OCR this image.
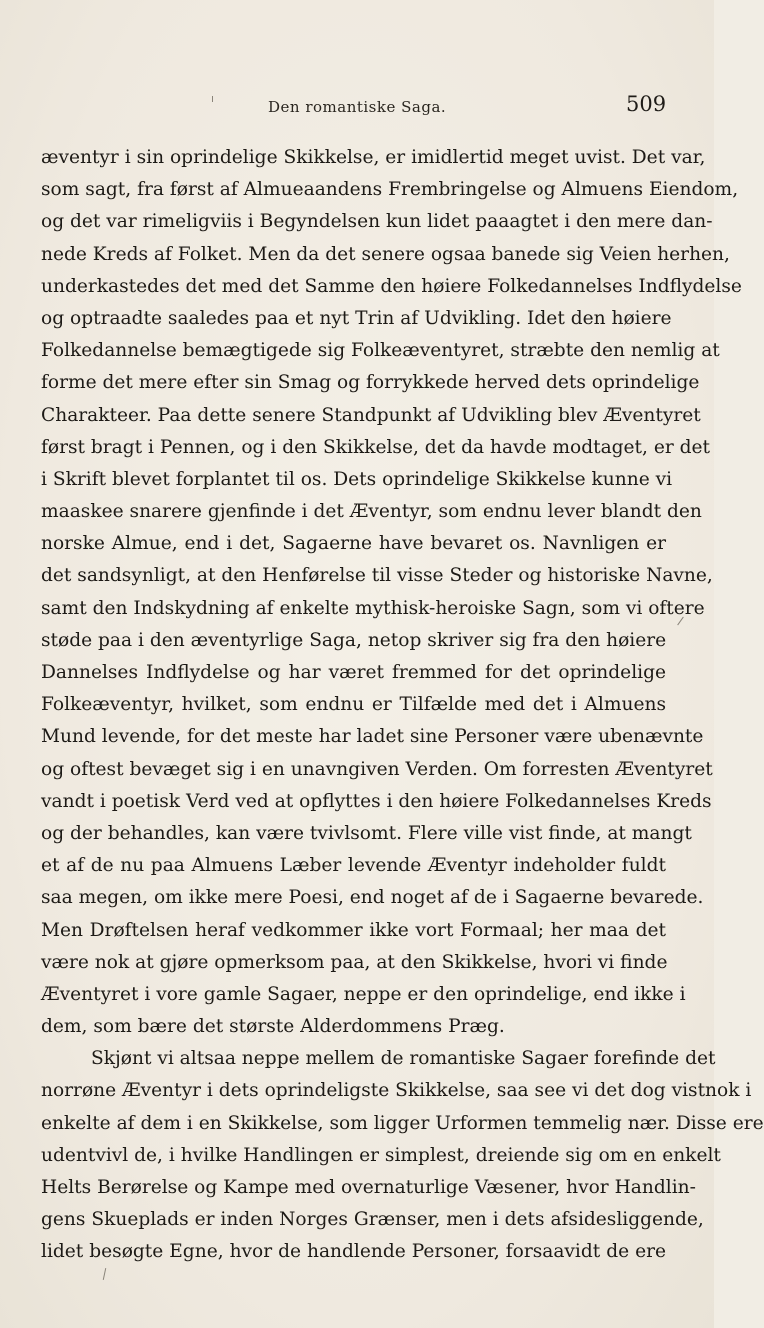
Den romantiske Saga.	509
æventyr i sin oprindelige Skikkelse, er imidlertid meget uvist. Det var,
som sagt, fra først af Almueaandens Frembringelse og Almuens Eiendom,
og det var rimeligviis i Begyndelsen kun lidet paaagtet i den mere dan-
nede Kreds af Folket. Men da det senere ogsaa banede sig Veien herhen,
underkastedes det med det Samme den høiere Folkedannelses Indflydelse
og optraadte saaledes paa et nyt Trin af Udvikling. Idet den høiere
Folkedannelse bemægtigede sig Folkeæventyret, stræbte den nemlig at
forme det mere efter sin Smag og forrykkede herved dets oprindelige
Charakteer. Paa dette senere Standpunkt af Udvikling blev Æventyret
først bragt i Pennen, og i den Skikkelse, det da havde modtaget, er det
i Skrift blevet forplantet til os. Dets oprindelige Skikkelse kunne vi
maaskee snarere gjenfinde i det Æventyr, som endnu lever blandt den
norske Almue, end i det, Sagaerne have bevaret os. Navnligen er
det sandsynligt, at den Henførelse til visse Steder og historiske Navne,
samt den Indskydning af enkelte mythisk-heroiske Sagn, som vi oftere
støde paa i den æventyrlige Saga, netop skriver sig fra den høiere
Dannelses Indflydelse og har været fremmed for det oprindelige
Folkeæventyr, hvilket, som endnu er Tilfælde med det i Almuens
Mund levende, for det meste har ladet sine Personer være ubenævnte
og oftest bevæget sig i en unavngiven Verden. Om forresten Æventyret
vandt i poetisk Verd ved at opflyttes i den høiere Folkedannelses Kreds
og der behandles, kan være tvivlsomt. Flere ville vist finde, at mangt
et af de nu paa Almuens Læber levende Æventyr indeholder fuldt
saa megen, om ikke mere Poesi, end noget af de i Sagaerne bevarede.
Men Drøftelsen heraf vedkommer ikke vort Formaal; her maa det
være nok at gjøre opmerksom paa, at den Skikkelse, hvori vi finde
Æventyret i vore gamle Sagaer, neppe er den oprindelige, end ikke i
dem, som bære det største Alderdommens Præg.
Skjønt vi altsaa neppe mellem de romantiske Sagaer forefinde det
norrøne Æventyr i dets oprindeligste Skikkelse, saa see vi det dog vistnok i
enkelte af dem i en Skikkelse, som ligger Urformen temmelig nær. Disse ere
udentvivl de, i hvilke Handlingen er simplest, dreiende sig om en enkelt
Helts Berørelse og Kampe med overnaturlige Væsener, hvor Handlin-
gens Skueplads er inden Norges Grænser, men i dets afsidesliggende,
lidet besøgte Egne, hvor de handlende Personer, forsaavidt de ere
